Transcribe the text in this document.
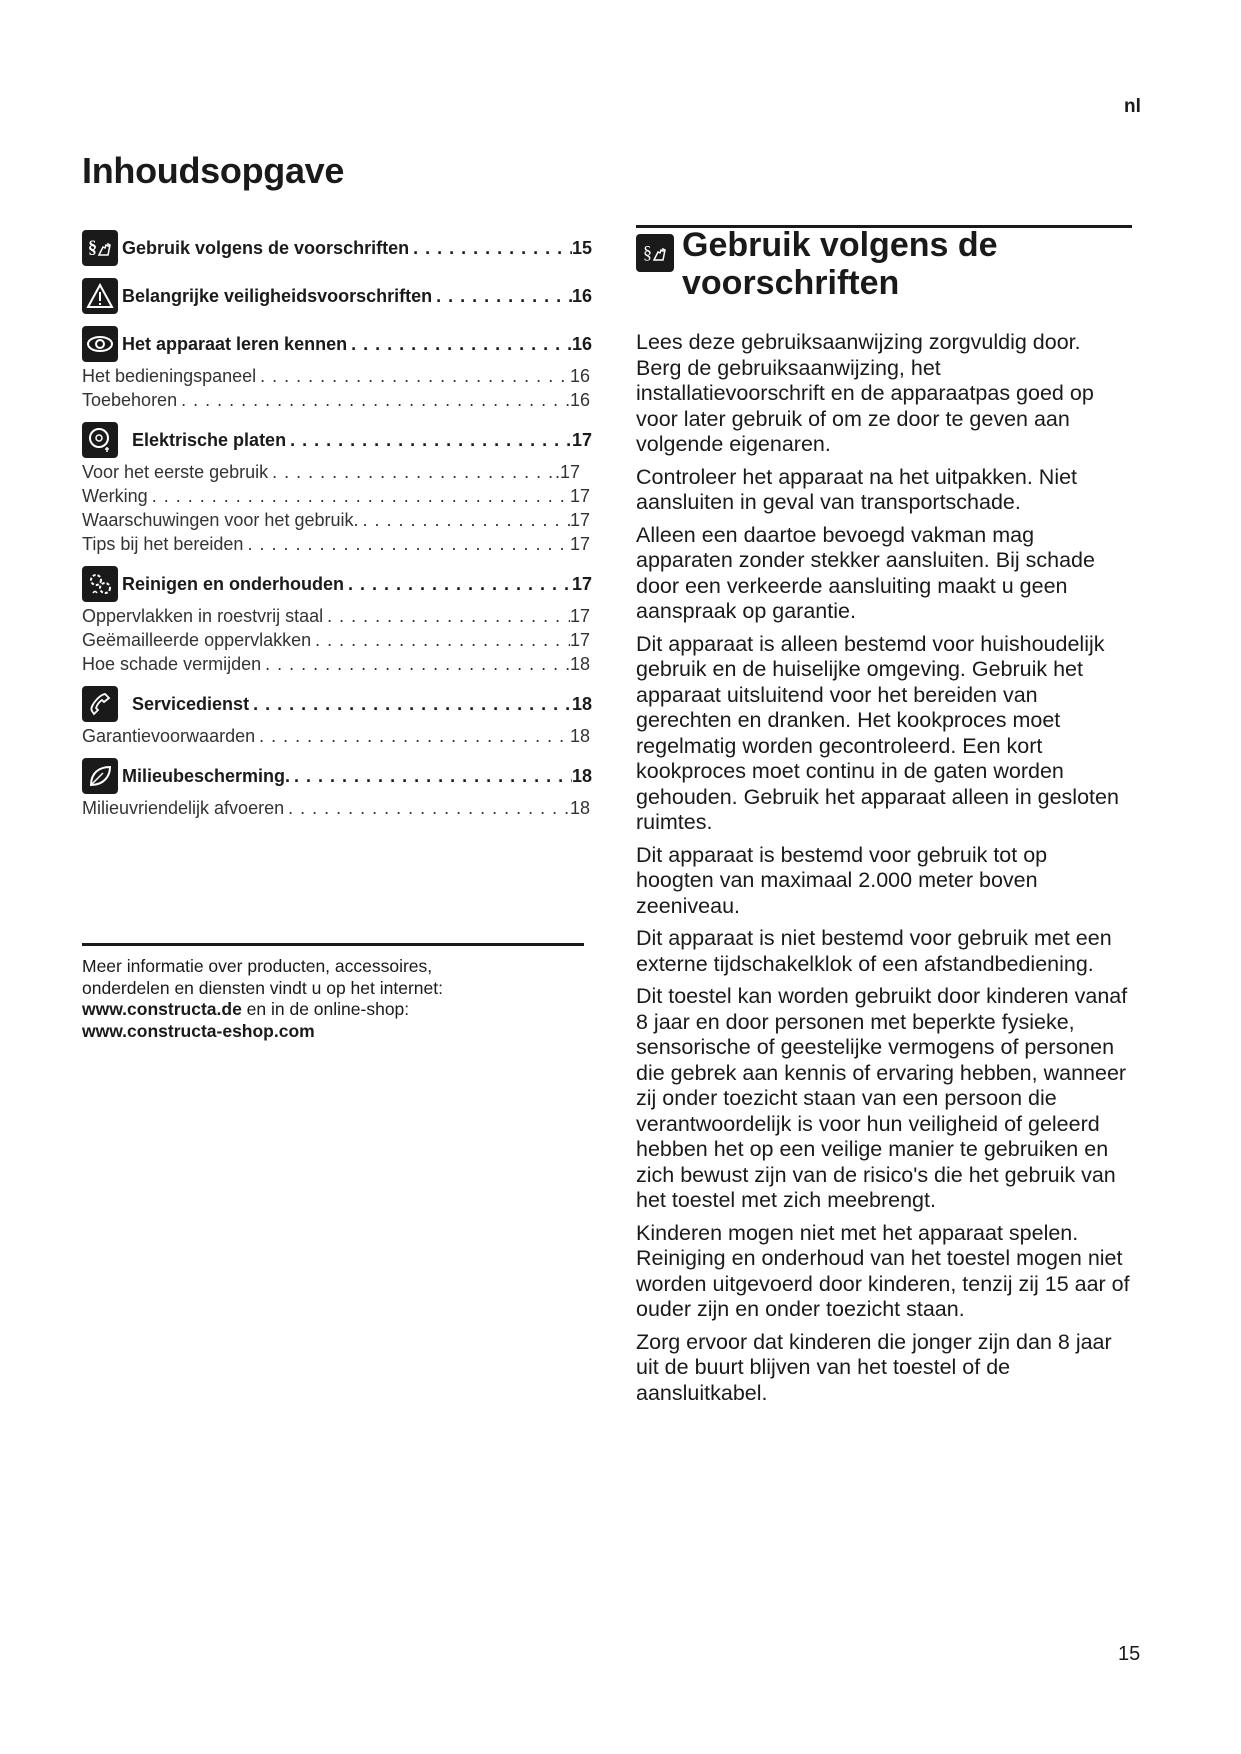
nl
Inhoudsopgave
§ Gebruik volgens de voorschriften . . .	15
Belangrijke veiligheidsvoorschriften . . .	16
Het apparaat leren kennen . . .	16
Het bedieningspaneel . . .	16
Toebehoren . . .	16
Elektrische platen . . .	17
Voor het eerste gebruik . . .	.17
Werking . . .	17
Waarschuwingen voor het gebruik. . . .	17
Tips bij het bereiden . . .	17
Reinigen en onderhouden . . .	17
Oppervlakken in roestvrij staal . . .	17
Geëmailleerde oppervlakken . . .	17
Hoe schade vermijden . . .	18
Servicedienst . . .	18
Garantievoorwaarden . . .	18
Milieubescherming. . . .	18
Milieuvriendelijk afvoeren . . .	18
Meer informatie over producten, accessoires,
onderdelen en diensten vindt u op het internet:
www.constructa.de en in de online-shop:
www.constructa-eshop.com
§ Gebruik volgens de
voorschriften

Lees deze gebruiksaanwijzing zorgvuldig door. Berg de gebruiksaanwijzing, het installatievoorschrift en de apparaatpas goed op voor later gebruik of om ze door te geven aan volgende eigenaren.

Controleer het apparaat na het uitpakken. Niet aansluiten in geval van transportschade.

Alleen een daartoe bevoegd vakman mag apparaten zonder stekker aansluiten. Bij schade door een verkeerde aansluiting maakt u geen aanspraak op garantie.

Dit apparaat is alleen bestemd voor huishoudelijk gebruik en de huiselijke omgeving. Gebruik het apparaat uitsluitend voor het bereiden van gerechten en dranken. Het kookproces moet regelmatig worden gecontroleerd. Een kort kookproces moet continu in de gaten worden gehouden. Gebruik het apparaat alleen in gesloten ruimtes.

Dit apparaat is bestemd voor gebruik tot op hoogten van maximaal 2.000 meter boven zeeniveau.

Dit apparaat is niet bestemd voor gebruik met een externe tijdschakelklok of een afstandbediening.

Dit toestel kan worden gebruikt door kinderen vanaf 8 jaar en door personen met beperkte fysieke, sensorische of geestelijke vermogens of personen die gebrek aan kennis of ervaring hebben, wanneer zij onder toezicht staan van een persoon die verantwoordelijk is voor hun veiligheid of geleerd hebben het op een veilige manier te gebruiken en zich bewust zijn van de risico's die het gebruik van het toestel met zich meebrengt.

Kinderen mogen niet met het apparaat spelen. Reiniging en onderhoud van het toestel mogen niet worden uitgevoerd door kinderen, tenzij zij 15 aar of ouder zijn en onder toezicht staan.

Zorg ervoor dat kinderen die jonger zijn dan 8 jaar uit de buurt blijven van het toestel of de aansluitkabel.

15
